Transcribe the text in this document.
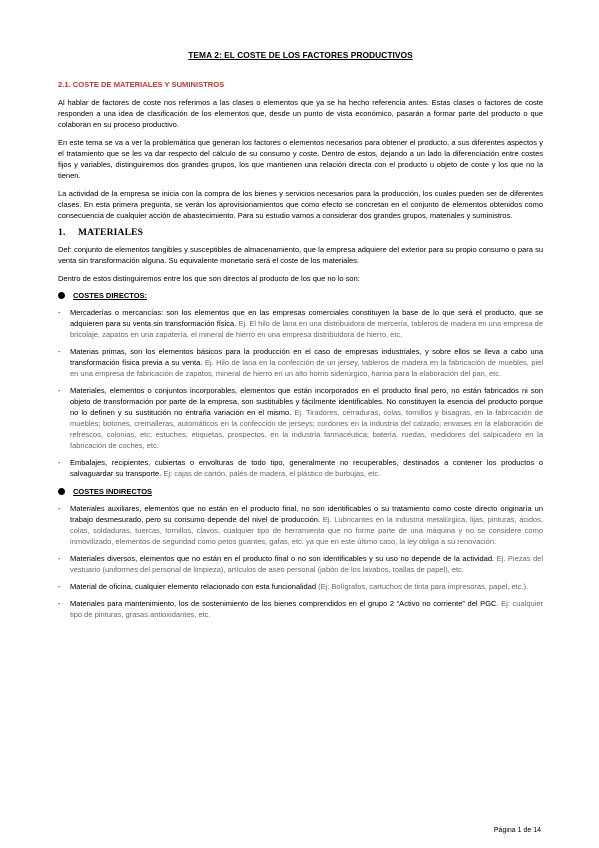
TEMA 2: EL COSTE DE LOS FACTORES PRODUCTIVOS
2.1. COSTE DE MATERIALES Y SUMINISTROS

Al hablar de factores de coste nos referimos a las clases o elementos que ya se ha hecho referencia antes. Estas clases o factores de coste responden a una idea de clasificación de los elementos que, desde un punto de vista económico, pasarán a formar parte del producto o que colaboran en su proceso productivo.

En este tema se va a ver la problemática que generan los factores o elementos necesarios para obtener el producto, a sus diferentes aspectos y el tratamiento que se les va dar respecto del cálculo de su consumo y coste. Dentro de estos, dejando a un lado la diferenciación entre costes fijos y variables, distinguiremos dos grandes grupos, los que mantienen una relación directa con el producto u objeto de coste y los que no la tienen.

La actividad de la empresa se inicia con la compra de los bienes y servicios necesarios para la producción, los cuales pueden ser de diferentes clases. En esta primera pregunta, se verán los aprovisionamientos que como efecto se concretan en el conjunto de elementos obtenidos como consecuencia de cualquier acción de abastecimiento. Para su estudio vamos a considerar dos grandes grupos, materiales y suministros.

1. MATERIALES

Def: conjunto de elementos tangibles y susceptibles de almacenamiento, que la empresa adquiere del exterior para su propio consumo o para su venta sin transformación alguna. Su equivalente monetario será el coste de los materiales.

Dentro de estos distinguiremos entre los que son directos al producto de los que no lo son:

COSTES DIRECTOS:
- Mercaderías o mercancías: son los elementos que en las empresas comerciales constituyen la base de lo que será el producto, que se adquieren para su venta sin transformación física. Ej. El hilo de lana en una distribuidora de mercería, tableros de madera en una empresa de bricolaje, zapatos en una zapatería, el mineral de hierro en una empresa distribuidora de hierro, etc.
- Materias primas, son los elementos básicos para la producción en el caso de empresas industriales, y sobre ellos se lleva a cabo una transformación física previa a su venta. Ej. Hilo de lana en la confección de un jersey, tableros de madera en la fabricación de muebles, piel en una empresa de fabricación de zapatos, mineral de hierro en un alto horno siderúrgico, harina para la elaboración del pan, etc.
- Materiales, elementos o conjuntos incorporables, elementos que están incorporados en el producto final pero, no están fabricados ni son objeto de transformación por parte de la empresa, son sustituibles y fácilmente identificables. No constituyen la esencia del producto porque no lo definen y su sustitución no entraña variación en el mismo. Ej. Tiradores, cerraduras, colas, tornillos y bisagras, en la fabricación de muebles; botones, cremalleras, automáticos en la confección de jerseys; cordones en la industria del calzado; envases en la elaboración de refrescos, colonias, etc; estuches, etiquetas, prospectos, en la industria farmacéutica; batería, ruedas, medidores del salpicadero en la fabricación de coches, etc.
- Embalajes, recipientes, cubiertas o envolturas de todo tipo, generalmente no recuperables, destinados a contener los productos o salvaguardar su transporte. Ej: cajas de cartón, palés de madera, el plástico de burbujas, etc.
COSTES INDIRECTOS
- Materiales auxiliares, elementos que no están en el producto final, no son identificables o su tratamiento como coste directo originaría un trabajo desmesurado, pero su consumo depende del nivel de producción. Ej. Lubricantes en la industria metalúrgica, lijas, pinturas, ácidos, colas, soldaduras, tuercas, tornillos, clavos, cualquier tipo de herramienta que no forme parte de una máquina y no se considere como inmovilizado, elementos de seguridad como petos guantes, gafas, etc. ya que en este último caso, la ley obliga a su renovación.
- Materiales diversos, elementos que no están en el producto final o no son identificables y su uso no depende de la actividad. Ej. Piezas del vestuario (uniformes del personal de limpieza), artículos de aseo personal (jabón de los lavabos, toallas de papel), etc.
- Material de oficina, cualquier elemento relacionado con esta funcionalidad (Ej: Bolígrafos, cartuchos de tinta para impresoras, papel, etc.).
- Materiales para mantenimiento, los de sostenimiento de los bienes comprendidos en el grupo 2 “Activo no corriente” del PGC. Ej: cualquier tipo de pinturas, grasas antioxidantes, etc.
Página 1 de 14
